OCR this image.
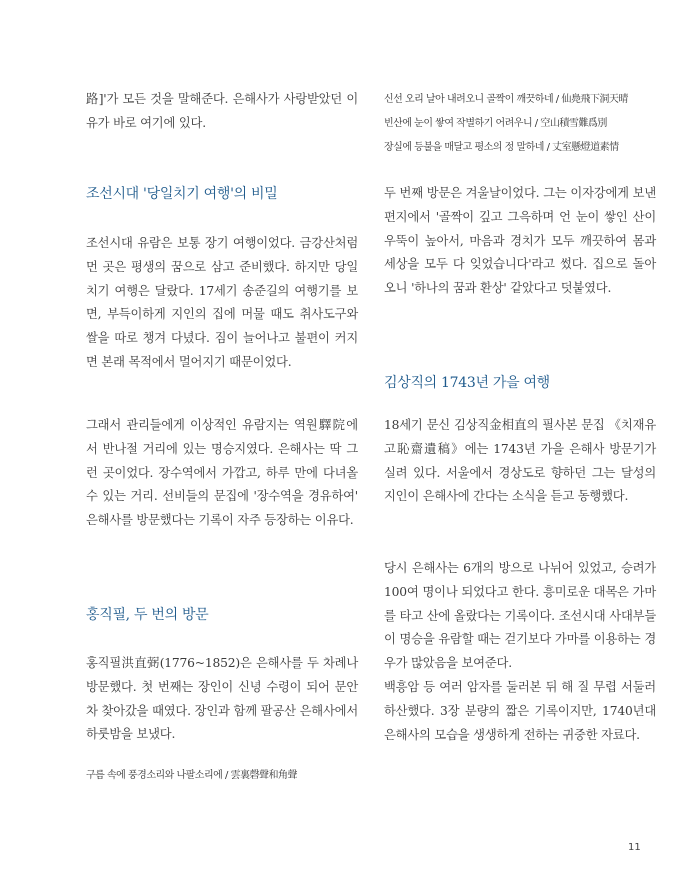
路]'가 모든 것을 말해준다. 은해사가 사랑받았던 이유가 바로 여기에 있다.

조선시대 '당일치기 여행'의 비밀

조선시대 유람은 보통 장기 여행이었다. 금강산처럼 먼 곳은 평생의 꿈으로 삼고 준비했다. 하지만 당일치기 여행은 달랐다. 17세기 송준길의 여행기를 보면, 부득이하게 지인의 집에 머물 때도 취사도구와 쌀을 따로 챙겨 다녔다. 짐이 늘어나고 불편이 커지면 본래 목적에서 멀어지기 때문이었다.

그래서 관리들에게 이상적인 유람지는 역원驛院에서 반나절 거리에 있는 명승지였다. 은해사는 딱 그런 곳이었다. 장수역에서 가깝고, 하루 만에 다녀올 수 있는 거리. 선비들의 문집에 '장수역을 경유하여' 은해사를 방문했다는 기록이 자주 등장하는 이유다.

홍직필, 두 번의 방문

홍직필洪直弼(1776~1852)은 은해사를 두 차례나 방문했다. 첫 번째는 장인이 신녕 수령이 되어 문안차 찾아갔을 때였다. 장인과 함께 팔공산 은해사에서 하룻밤을 보냈다.

구름 속에 풍경소리와 나팔소리에 / 雲裏磬聲和角聲

신선 오리 날아 내려오니 골짝이 깨끗하네 / 仙鳧飛下洞天晴

빈산에 눈이 쌓여 작별하기 어려우니 / 空山積雪難爲別

장실에 등불을 매달고 평소의 정 말하네 / 丈室懸燈道素情

두 번째 방문은 겨울날이었다. 그는 이자강에게 보낸 편지에서 '골짝이 깊고 그윽하며 언 눈이 쌓인 산이 우뚝이 높아서, 마음과 경치가 모두 깨끗하여 몸과 세상을 모두 다 잊었습니다'라고 썼다. 집으로 돌아오니 '하나의 꿈과 환상' 같았다고 덧붙였다.

김상직의 1743년 가을 여행

18세기 문신 김상직金相直의 필사본 문집 《치재유고恥齋遺稿》에는 1743년 가을 은해사 방문기가 실려 있다. 서울에서 경상도로 향하던 그는 달성의 지인이 은해사에 간다는 소식을 듣고 동행했다.

당시 은해사는 6개의 방으로 나뉘어 있었고, 승려가 100여 명이나 되었다고 한다. 흥미로운 대목은 가마를 타고 산에 올랐다는 기록이다. 조선시대 사대부들이 명승을 유람할 때는 걷기보다 가마를 이용하는 경우가 많았음을 보여준다.

백흥암 등 여러 암자를 둘러본 뒤 해 질 무렵 서둘러 하산했다. 3장 분량의 짧은 기록이지만, 1740년대 은해사의 모습을 생생하게 전하는 귀중한 자료다.

11
